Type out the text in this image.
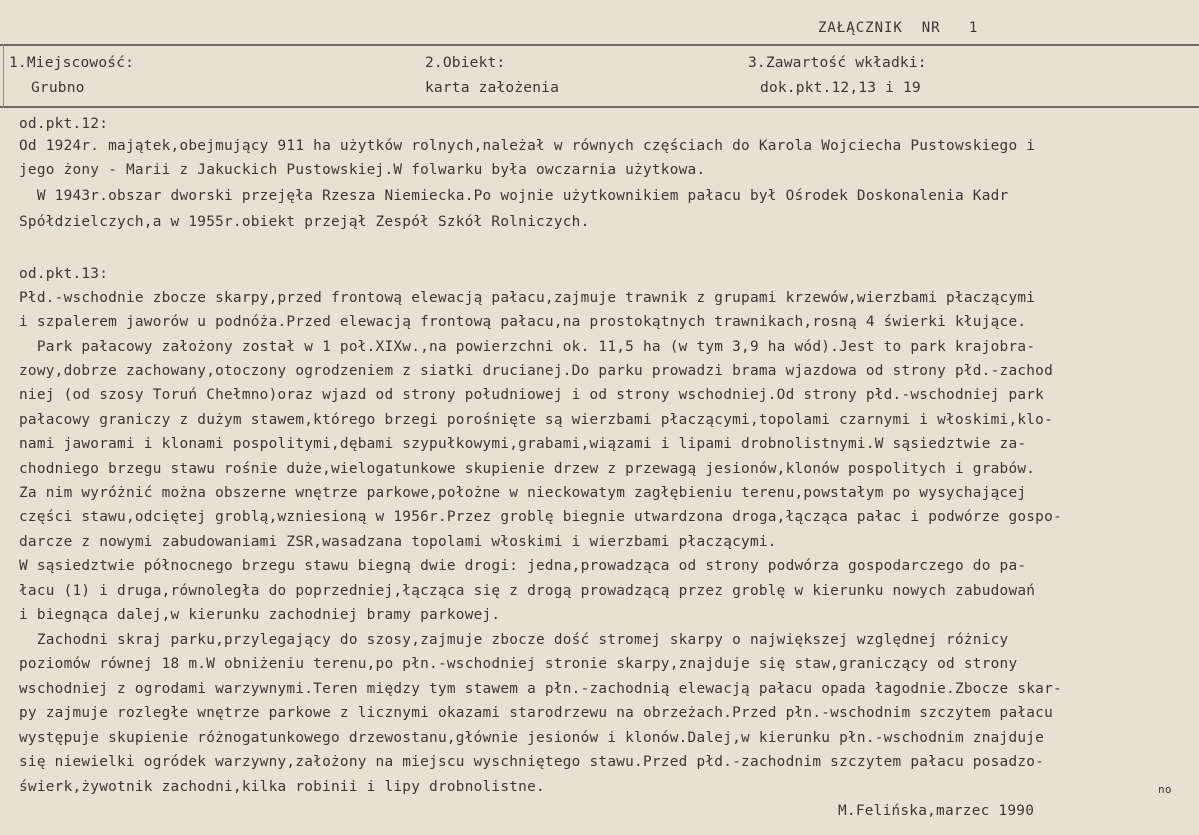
ZAŁĄCZNIK  NR   1
1.Miejscowość:
Grubno
2.Obiekt:
karta założenia
3.Zawartość wkładki:
dok.pkt.12,13 i 19
od.pkt.12:
Od 1924r. majątek,obejmujący 911 ha użytków rolnych,należał w równych częściach do Karola Wojciecha Pustowskiego i
jego żony - Marii z Jakuckich Pustowskiej.W folwarku była owczarnia użytkowa.
W 1943r.obszar dworski przejęła Rzesza Niemiecka.Po wojnie użytkownikiem pałacu był Ośrodek Doskonalenia Kadr
Spółdzielczych,a w 1955r.obiekt przejął Zespół Szkół Rolniczych.
od.pkt.13:
Płd.-wschodnie zbocze skarpy,przed frontową elewacją pałacu,zajmuje trawnik z grupami krzewów,wierzbami płaczącymi
i szpalerem jaworów u podnóża.Przed elewacją frontową pałacu,na prostokątnych trawnikach,rosną 4 świerki kłujące.
Park pałacowy założony został w 1 poł.XIXw.,na powierzchni ok. 11,5 ha (w tym 3,9 ha wód).Jest to park krajobra-
zowy,dobrze zachowany,otoczony ogrodzeniem z siatki drucianej.Do parku prowadzi brama wjazdowa od strony płd.-zachod
niej (od szosy Toruń Chełmno)oraz wjazd od strony południowej i od strony wschodniej.Od strony płd.-wschodniej park
pałacowy graniczy z dużym stawem,którego brzegi porośnięte są wierzbami płaczącymi,topolami czarnymi i włoskimi,klo-
nami jaworami i klonami pospolitymi,dębami szypułkowymi,grabami,wiązami i lipami drobnolistnymi.W sąsiedztwie za-
chodniego brzegu stawu rośnie duże,wielogatunkowe skupienie drzew z przewagą jesionów,klonów pospolitych i grabów.
Za nim wyróżnić można obszerne wnętrze parkowe,położne w nieckowatym zagłębieniu terenu,powstałym po wysychającej
części stawu,odciętej groblą,wzniesioną w 1956r.Przez groblę biegnie utwardzona droga,łącząca pałac i podwórze gospo-
darcze z nowymi zabudowaniami ZSR,wasadzana topolami włoskimi i wierzbami płaczącymi.
W sąsiedztwie północnego brzegu stawu biegną dwie drogi: jedna,prowadząca od strony podwórza gospodarczego do pa-
łacu (1) i druga,równoległa do poprzedniej,łącząca się z drogą prowadzącą przez groblę w kierunku nowych zabudowań
i biegnąca dalej,w kierunku zachodniej bramy parkowej.
Zachodni skraj parku,przylegający do szosy,zajmuje zbocze dość stromej skarpy o największej względnej różnicy
poziomów równej 18 m.W obniżeniu terenu,po płn.-wschodniej stronie skarpy,znajduje się staw,graniczący od strony
wschodniej z ogrodami warzywnymi.Teren między tym stawem a płn.-zachodnią elewacją pałacu opada łagodnie.Zbocze skar-
py zajmuje rozległe wnętrze parkowe z licznymi okazami starodrzewu na obrzeżach.Przed płn.-wschodnim szczytem pałacu
występuje skupienie różnogatunkowego drzewostanu,głównie jesionów i klonów.Dalej,w kierunku płn.-wschodnim znajduje
się niewielki ogródek warzywny,założony na miejscu wyschniętego stawu.Przed płd.-zachodnim szczytem pałacu posadzo-
świerk,żywotnik zachodni,kilka robinii i lipy drobnolistne.
M.Felińska,marzec 1990
no
